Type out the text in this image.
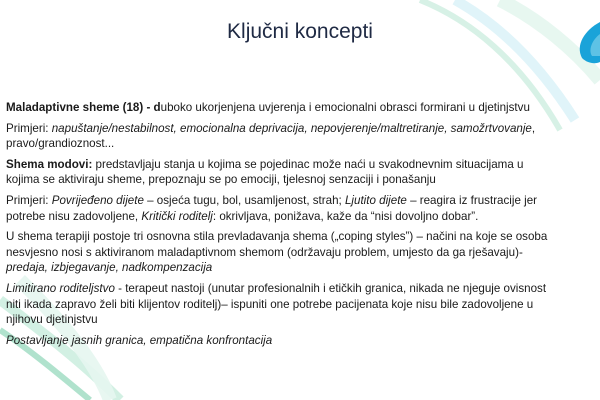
Ključni koncepti
Maladaptivne sheme (18) - duboko ukorjenjena uvjerenja i emocionalni obrasci formirani u djetinjstvu
Primjeri: napuštanje/nestabilnost, emocionalna deprivacija, nepovjerenje/maltretiranje, samožrtvovanje, pravo/grandioznost...
Shema modovi: predstavljaju stanja u kojima se pojedinac može naći u svakodnevnim situacijama u kojima se aktiviraju sheme, prepoznaju se po emociji, tjelesnoj senzaciji i ponašanju
Primjeri: Povrijeđeno dijete – osjeća tugu, bol, usamljenost, strah; Ljutito dijete – reagira iz frustracije jer potrebe nisu zadovoljene, Kritički roditelj: okrivljava, ponižava, kaže da “nisi dovoljno dobar”.
U shema terapiji postoje tri osnovna stila prevladavanja shema („coping styles”) – načini na koje se osoba nesvjesno nosi s aktiviranom maladaptivnom shemom (održavaju problem, umjesto da ga rješavaju)- predaja, izbjegavanje, nadkompenzacija
Limitirano roditeljstvo - terapeut nastoji (unutar profesionalnih i etičkih granica, nikada ne njeguje ovisnost niti ikada zapravo želi biti klijentov roditelj)– ispuniti one potrebe pacijenata koje nisu bile zadovoljene u njihovu djetinjstvu
Postavljanje jasnih granica, empatična konfrontacija
